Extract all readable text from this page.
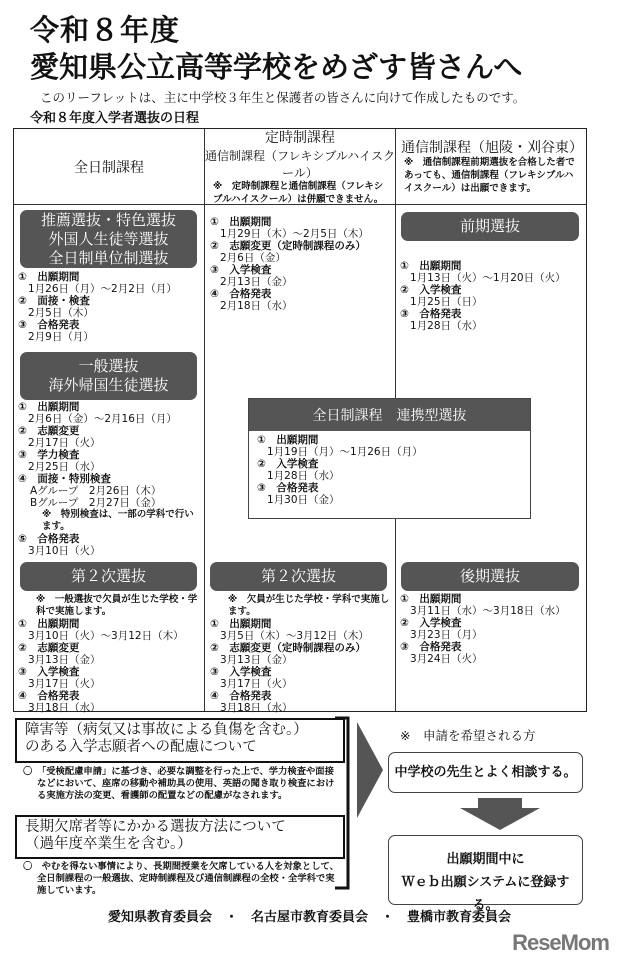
令和８年度
愛知県公立高等学校をめざす皆さんへ
このリーフレットは、主に中学校３年生と保護者の皆さんに向けて作成したものです。
令和８年度入学者選抜の日程
全日制課程
定時制課程
通信制課程（フレキシブルハイスクール）
※　定時制課程と通信制課程（フレキシブルハイスクール）は併願できません。
通信制課程（旭陵・刈谷東）
※　通信制課程前期選抜を合格した者であっても、通信制課程（フレキシブルハイスクール）は出願できます。
全日制課程　連携型選抜
①　出願期間
1月19日（月）～1月26日（月）
②　入学検査
1月28日（水）
③　合格発表
1月30日（金）
障害等（病気又は事故による負傷を含む。）
のある入学志願者への配慮について
〇　「受検配慮申請」に基づき、必要な調整を行った上で、学力検査や面接などにおいて、座席の移動や補助具の使用、英語の聞き取り検査における実施方法の変更、看護師の配置などの配慮がなされます。
長期欠席者等にかかる選抜方法について
（過年度卒業生を含む。）
〇　やむを得ない事情により、長期間授業を欠席している人を対象として、全日制課程の一般選抜、定時制課程及び通信制課程の全校・全学科で実施しています。
※　申請を希望される方
中学校の先生とよく相談する。
出願期間中に
Ｗｅｂ出願システムに登録する。
愛知県教育委員会　・　名古屋市教育委員会　・　豊橋市教育委員会
ReseMom
推薦選抜・特色選抜
外国人生徒等選抜
全日制単位制選抜
①　出願期間
1月26日（月）～2月2日（月）
②　面接・検査
2月5日（木）
③　合格発表
2月9日（月）
一般選抜
海外帰国生徒選抜
①　出願期間
2月6日（金）～2月16日（月）
②　志願変更
2月17日（火）
③　学力検査
2月25日（水）
④　面接・特別検査
Aグループ　2月26日（木）
Bグループ　2月27日（金）
※　特別検査は、一部の学科で行います。
⑤　合格発表
3月10日（火）
第２次選抜
※　一般選抜で欠員が生じた学校・学科で実施します。
①　出願期間
3月10日（火）～3月12日（木）
②　志願変更
3月13日（金）
③　入学検査
3月17日（火）
④　合格発表
3月18日（水）
①　出願期間
1月29日（木）～2月5日（木）
②　志願変更（定時制課程のみ）
2月6日（金）
③　入学検査
2月13日（金）
④　合格発表
2月18日（水）
第２次選抜
※　欠員が生じた学校・学科で実施します。
①　出願期間
3月5日（木）～3月12日（木）
②　志願変更（定時制課程のみ）
3月13日（金）
③　入学検査
3月17日（火）
④　合格発表
3月18日（水）
前期選抜
①　出願期間
1月13日（火）～1月20日（火）
②　入学検査
1月25日（日）
③　合格発表
1月28日（水）
後期選抜
①　出願期間
3月11日（水）～3月18日（水）
②　入学検査
3月23日（月）
③　合格発表
3月24日（火）
